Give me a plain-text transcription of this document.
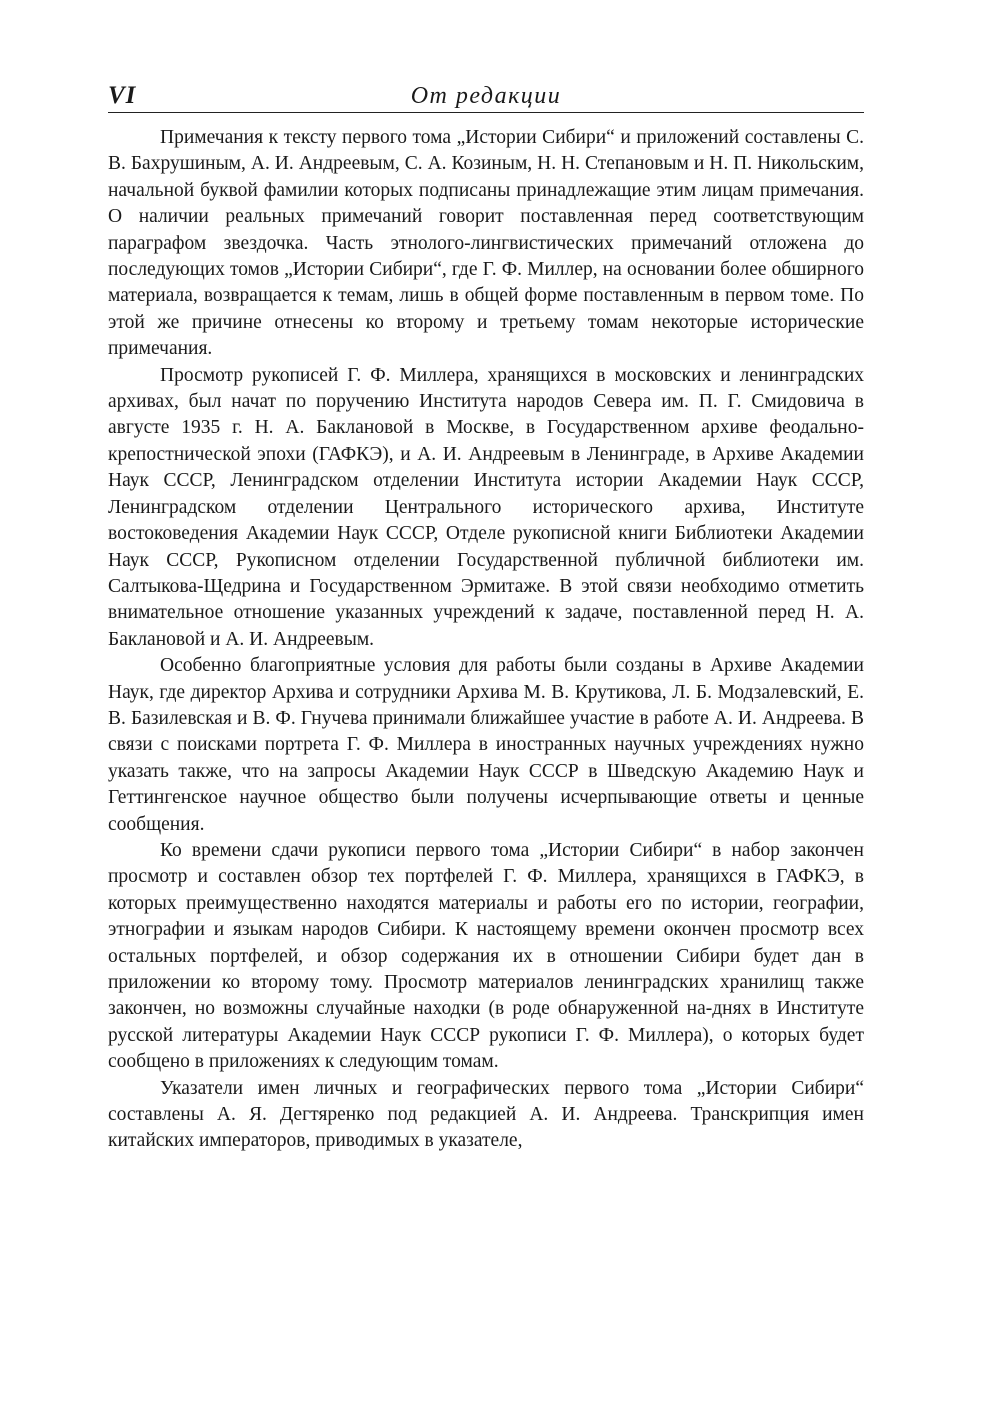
VI	От редакции

Примечания к тексту первого тома „Истории Сибири“ и приложений составлены С. В. Бахрушиным, А. И. Андреевым, С. А. Козиным, Н. Н. Степановым и Н. П. Никольским, начальной буквой фамилии которых подписаны принадлежащие этим лицам примечания. О наличии реальных примечаний говорит поставленная перед соответствующим параграфом звездочка. Часть этнолого-лингвистических примечаний отложена до последующих томов „Истории Сибири“, где Г. Ф. Миллер, на основании более обширного материала, возвращается к темам, лишь в общей форме поставленным в первом томе. По этой же причине отнесены ко второму и третьему томам некоторые исторические примечания.

Просмотр рукописей Г. Ф. Миллера, хранящихся в московских и ленинградских архивах, был начат по поручению Института народов Севера им. П. Г. Смидовича в августе 1935 г. Н. А. Баклановой в Москве, в Государственном архиве феодально-крепостнической эпохи (ГАФКЭ), и А. И. Андреевым в Ленинграде, в Архиве Академии Наук СССР, Ленинградском отделении Института истории Академии Наук СССР, Ленинградском отделении Центрального исторического архива, Институте востоковедения Академии Наук СССР, Отделе рукописной книги Библиотеки Академии Наук СССР, Рукописном отделении Государственной публичной библиотеки им. Салтыкова-Щедрина и Государственном Эрмитаже. В этой связи необходимо отметить внимательное отношение указанных учреждений к задаче, поставленной перед Н. А. Баклановой и А. И. Андреевым.

Особенно благоприятные условия для работы были созданы в Архиве Академии Наук, где директор Архива и сотрудники Архива М. В. Крутикова, Л. Б. Модзалевский, Е. В. Базилевская и В. Ф. Гнучева принимали ближайшее участие в работе А. И. Андреева. В связи с поисками портрета Г. Ф. Миллера в иностранных научных учреждениях нужно указать также, что на запросы Академии Наук СССР в Шведскую Академию Наук и Геттингенское научное общество были получены исчерпывающие ответы и ценные сообщения.

Ко времени сдачи рукописи первого тома „Истории Сибири“ в набор закончен просмотр и составлен обзор тех портфелей Г. Ф. Миллера, хранящихся в ГАФКЭ, в которых преимущественно находятся материалы и работы его по истории, географии, этнографии и языкам народов Сибири. К настоящему времени окончен просмотр всех остальных портфелей, и обзор содержания их в отношении Сибири будет дан в приложении ко второму тому. Просмотр материалов ленинградских хранилищ также закончен, но возможны случайные находки (в роде обнаруженной на-днях в Институте русской литературы Академии Наук СССР рукописи Г. Ф. Миллера), о которых будет сообщено в приложениях к следующим томам.

Указатели имен личных и географических первого тома „Истории Сибири“ составлены А. Я. Дегтяренко под редакцией А. И. Андреева. Транскрипция имен китайских императоров, приводимых в указателе,
